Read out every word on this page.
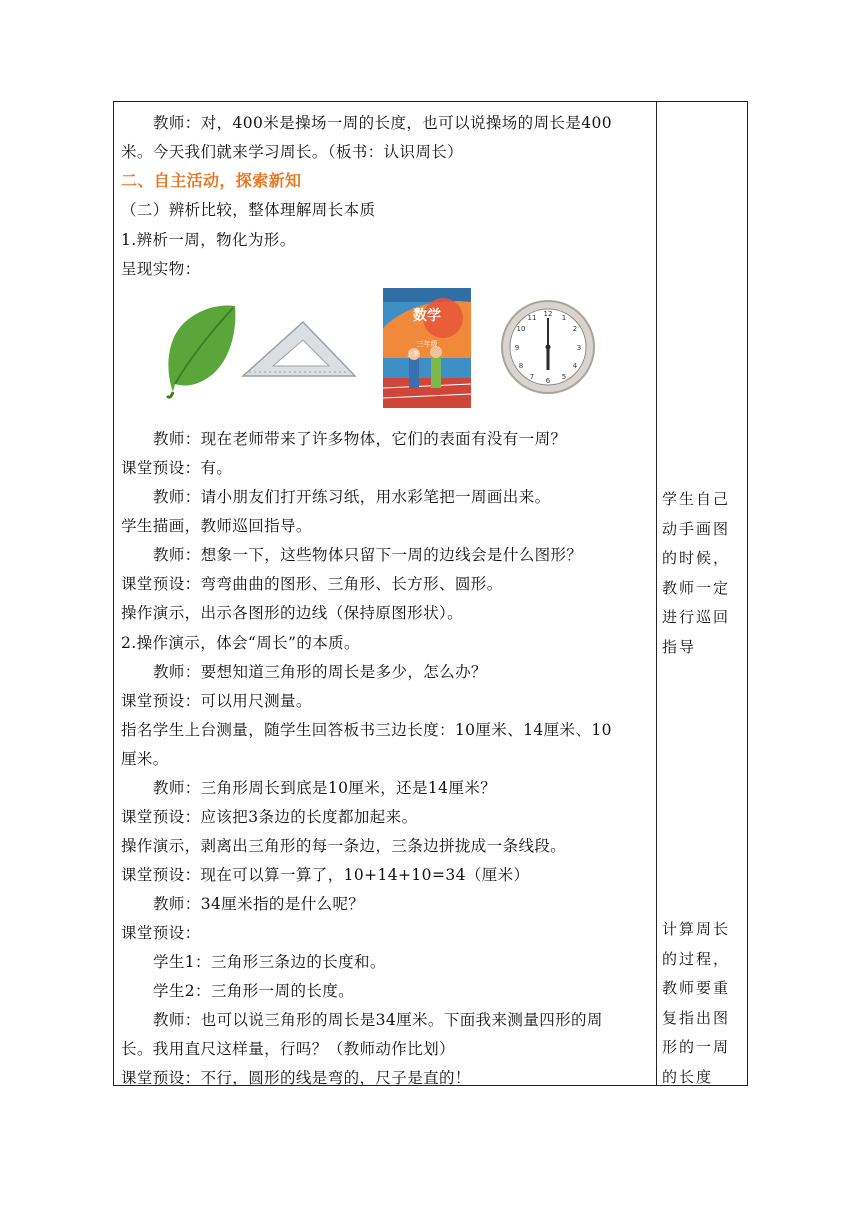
教师：对，400米是操场一周的长度，也可以说操场的周长是400
米。今天我们就来学习周长。（板书：认识周长）
二、自主活动，探索新知
（二）辨析比较，整体理解周长本质
1.辨析一周，物化为形。
呈现实物：
数学
三年级
上册
12 1
2
3
4
5
6
7
8
9
10
11
教师：现在老师带来了许多物体，它们的表面有没有一周？
课堂预设：有。
教师：请小朋友们打开练习纸，用水彩笔把一周画出来。
学生描画，教师巡回指导。
教师：想象一下，这些物体只留下一周的边线会是什么图形？
课堂预设：弯弯曲曲的图形、三角形、长方形、圆形。
操作演示，出示各图形的边线（保持原图形状）。
2.操作演示，体会“周长”的本质。
教师：要想知道三角形的周长是多少，怎么办？
课堂预设：可以用尺测量。
指名学生上台测量，随学生回答板书三边长度：10厘米、14厘米、10
厘米。
教师：三角形周长到底是10厘米，还是14厘米？
课堂预设：应该把3条边的长度都加起来。
操作演示，剥离出三角形的每一条边，三条边拼拢成一条线段。
课堂预设：现在可以算一算了，10+14+10=34（厘米）
教师：34厘米指的是什么呢？
课堂预设：
学生1：三角形三条边的长度和。
学生2：三角形一周的长度。
教师：也可以说三角形的周长是34厘米。下面我来测量四形的周
长。我用直尺这样量，行吗？（教师动作比划）
课堂预设：不行，圆形的线是弯的，尺子是直的！
学生自己
动手画图
的时候，
教师一定
进行巡回
指导
计算周长
的过程，
教师要重
复指出图
形的一周
的长度
